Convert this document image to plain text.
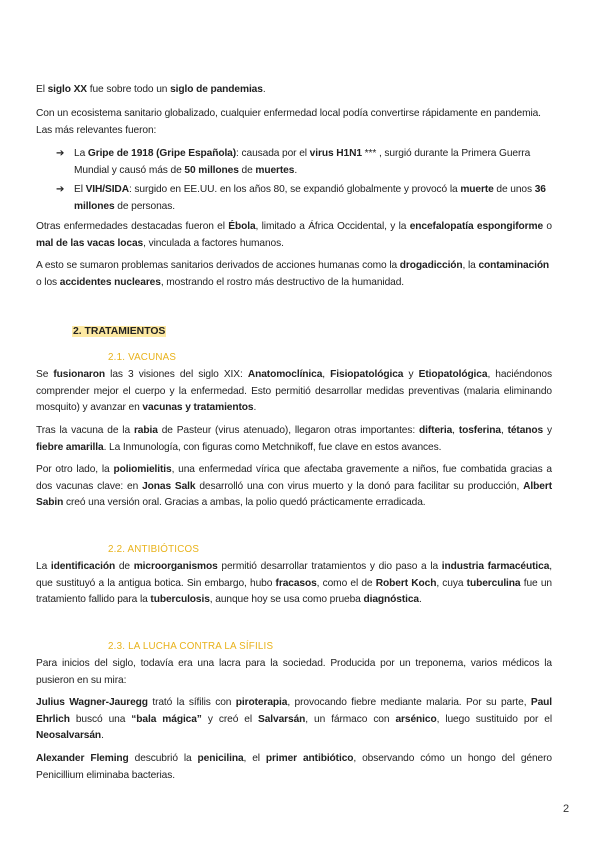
El siglo XX fue sobre todo un siglo de pandemias.

Con un ecosistema sanitario globalizado, cualquier enfermedad local podía convertirse rápidamente en pandemia. Las más relevantes fueron:

➔ La Gripe de 1918 (Gripe Española): causada por el virus H1N1 *** , surgió durante la Primera Guerra Mundial y causó más de 50 millones de muertes.
➔ El VIH/SIDA: surgido en EE.UU. en los años 80, se expandió globalmente y provocó la muerte de unos 36 millones de personas.

Otras enfermedades destacadas fueron el Ébola, limitado a África Occidental, y la encefalopatía espongiforme o mal de las vacas locas, vinculada a factores humanos.

A esto se sumaron problemas sanitarios derivados de acciones humanas como la drogadicción, la contaminación o los accidentes nucleares, mostrando el rostro más destructivo de la humanidad.

2. TRATAMIENTOS
2.1. VACUNAS

Se fusionaron las 3 visiones del siglo XIX: Anatomoclínica, Fisiopatológica y Etiopatológica, haciéndonos comprender mejor el cuerpo y la enfermedad. Esto permitió desarrollar medidas preventivas (malaria eliminando mosquito) y avanzar en vacunas y tratamientos.

Tras la vacuna de la rabia de Pasteur (virus atenuado), llegaron otras importantes: difteria, tosferina, tétanos y fiebre amarilla. La Inmunología, con figuras como Metchnikoff, fue clave en estos avances.

Por otro lado, la poliomielitis, una enfermedad vírica que afectaba gravemente a niños, fue combatida gracias a dos vacunas clave: en Jonas Salk desarrolló una con virus muerto y la donó para facilitar su producción, Albert Sabin creó una versión oral. Gracias a ambas, la polio quedó prácticamente erradicada.

2.2. ANTIBIÓTICOS

La identificación de microorganismos permitió desarrollar tratamientos y dio paso a la industria farmacéutica, que sustituyó a la antigua botica. Sin embargo, hubo fracasos, como el de Robert Koch, cuya tuberculina fue un tratamiento fallido para la tuberculosis, aunque hoy se usa como prueba diagnóstica.

2.3. LA LUCHA CONTRA LA SÍFILIS

Para inicios del siglo, todavía era una lacra para la sociedad. Producida por un treponema, varios médicos la pusieron en su mira:

Julius Wagner-Jauregg trató la sífilis con piroterapia, provocando fiebre mediante malaria. Por su parte, Paul Ehrlich buscó una “bala mágica” y creó el Salvarsán, un fármaco con arsénico, luego sustituido por el Neosalvarsán.

Alexander Fleming descubrió la penicilina, el primer antibiótico, observando cómo un hongo del género Penicillium eliminaba bacterias.

2
